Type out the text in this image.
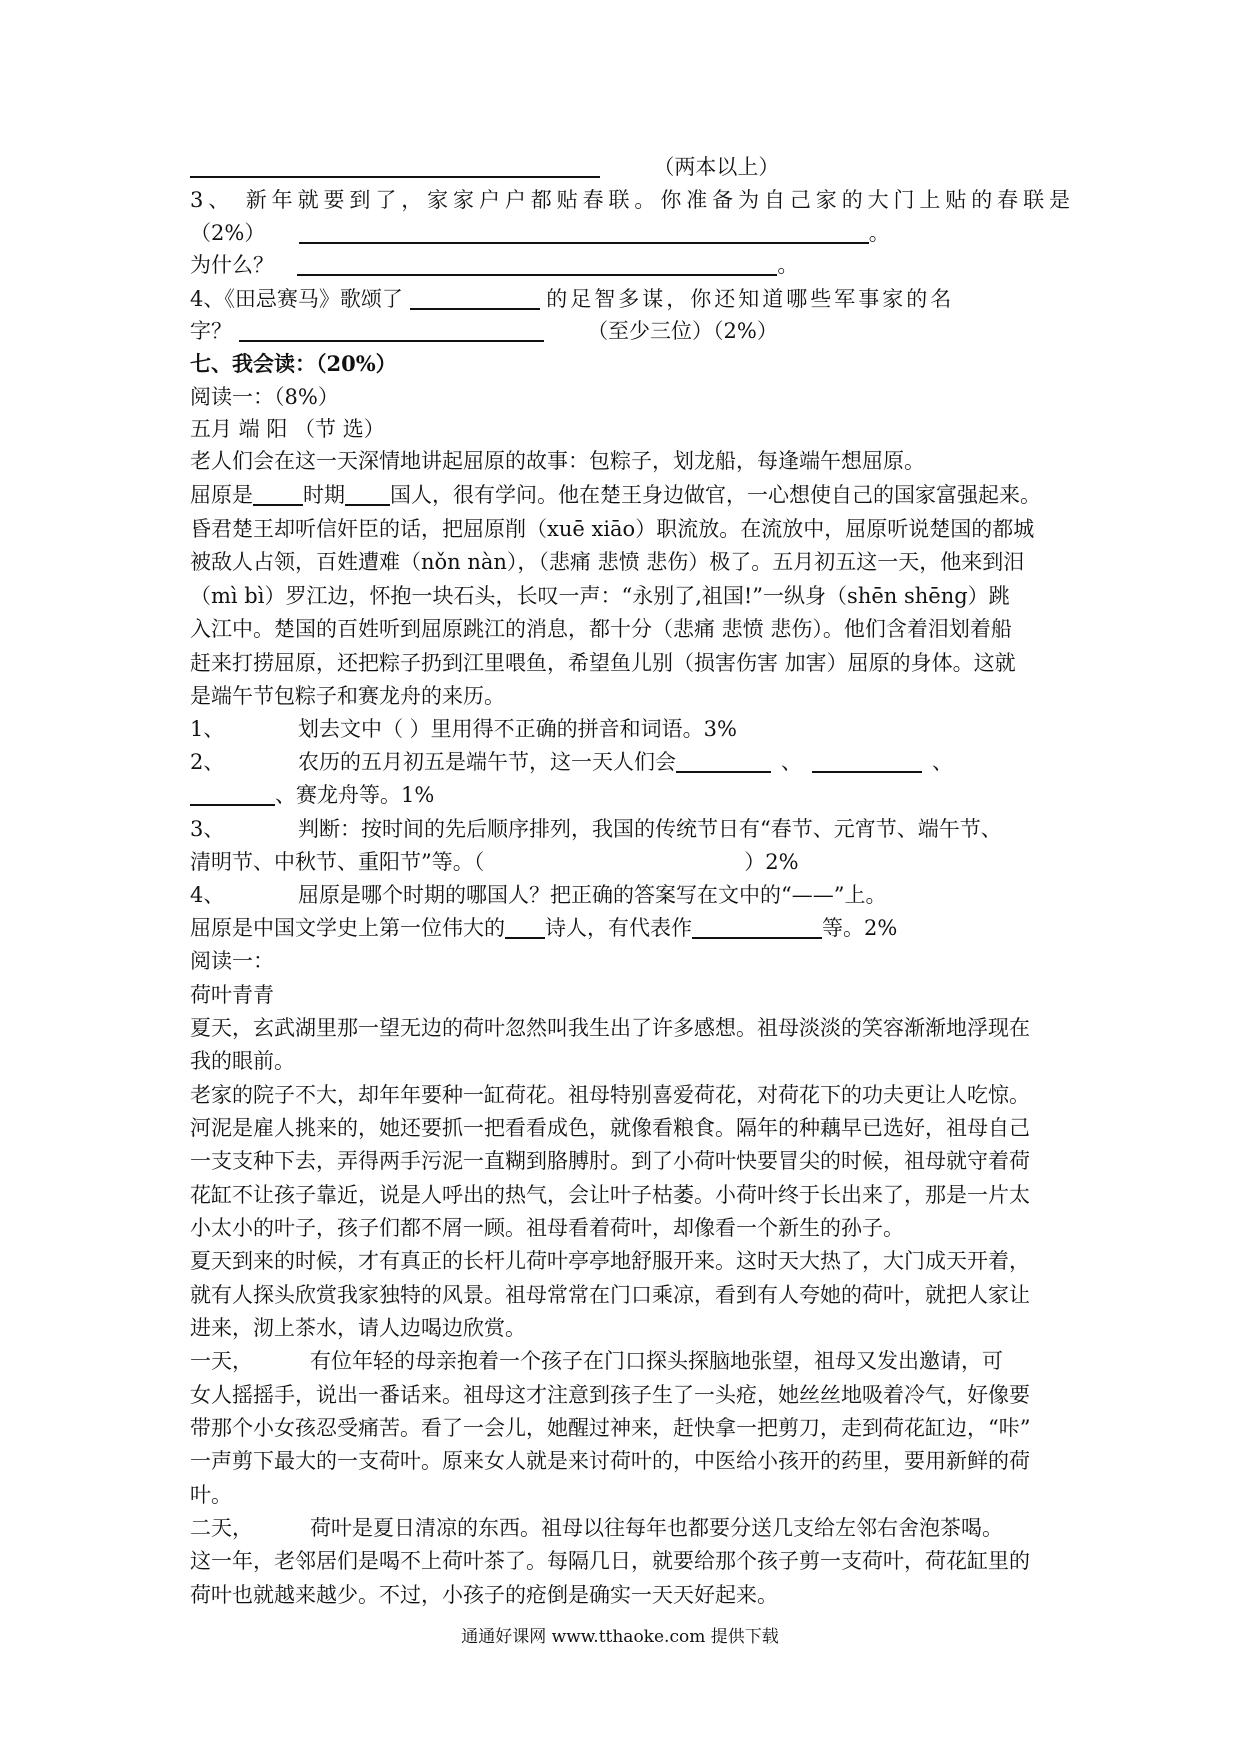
（两本以上）
3、 新年就要到了，家家户户都贴春联。你准备为自己家的大门上贴的春联是
（2%）	。
为什么？	。
4、《田忌赛马》歌颂了	的足智多谋，你还知道哪些军事家的名
字？	（至少三位）（2%）
七、我会读：（20%）
阅读一：（8%）
五月 端 阳 （节 选）
老人们会在这一天深情地讲起屈原的故事：包粽子，划龙船，每逢端午想屈原。
屈原是 时期 国人，很有学问。他在楚王身边做官，一心想使自己的国家富强起来。
昏君楚王却听信奸臣的话，把屈原削（xuē xiāo）职流放。在流放中，屈原听说楚国的都城
被敌人占领，百姓遭难（nǒn nàn），（悲痛 悲愤 悲伤）极了。五月初五这一天，他来到汨
（mì bì）罗江边，怀抱一块石头，长叹一声：“永别了,祖国!”一纵身（shēn shēng）跳
入江中。楚国的百姓听到屈原跳江的消息，都十分（悲痛 悲愤 悲伤）。他们含着泪划着船
赶来打捞屈原，还把粽子扔到江里喂鱼，希望鱼儿别（损害伤害 加害）屈原的身体。这就
是端午节包粽子和赛龙舟的来历。
1、	划去文中（ ）里用得不正确的拼音和词语。3%
2、	农历的五月初五是端午节，这一天人们会	、	、
、赛龙舟等。1%
3、	判断：按时间的先后顺序排列，我国的传统节日有“春节、元宵节、端午节、
清明节、中秋节、重阳节”等。（	）2%
4、	屈原是哪个时期的哪国人？把正确的答案写在文中的“——”上。
屈原是中国文学史上第一位伟大的 诗人，有代表作	等。2%
阅读一：
荷叶青青
夏天，玄武湖里那一望无边的荷叶忽然叫我生出了许多感想。祖母淡淡的笑容渐渐地浮现在
我的眼前。
老家的院子不大，却年年要种一缸荷花。祖母特别喜爱荷花，对荷花下的功夫更让人吃惊。
河泥是雇人挑来的，她还要抓一把看看成色，就像看粮食。隔年的种藕早已选好，祖母自己
一支支种下去，弄得两手污泥一直糊到胳膊肘。到了小荷叶快要冒尖的时候，祖母就守着荷
花缸不让孩子靠近，说是人呼出的热气，会让叶子枯萎。小荷叶终于长出来了，那是一片太
小太小的叶子，孩子们都不屑一顾。祖母看着荷叶，却像看一个新生的孙子。
夏天到来的时候，才有真正的长杆儿荷叶亭亭地舒服开来。这时天大热了，大门成天开着，
就有人探头欣赏我家独特的风景。祖母常常在门口乘凉，看到有人夸她的荷叶，就把人家让
进来，沏上茶水，请人边喝边欣赏。
一天，	有位年轻的母亲抱着一个孩子在门口探头探脑地张望，祖母又发出邀请，可
女人摇摇手，说出一番话来。祖母这才注意到孩子生了一头疮，她丝丝地吸着冷气，好像要
带那个小女孩忍受痛苦。看了一会儿，她醒过神来，赶快拿一把剪刀，走到荷花缸边，“咔”
一声剪下最大的一支荷叶。原来女人就是来讨荷叶的，中医给小孩开的药里，要用新鲜的荷
叶。
二天，	荷叶是夏日清凉的东西。祖母以往每年也都要分送几支给左邻右舍泡茶喝。
这一年，老邻居们是喝不上荷叶茶了。每隔几日，就要给那个孩子剪一支荷叶，荷花缸里的
荷叶也就越来越少。不过，小孩子的疮倒是确实一天天好起来。
通通好课网 www.tthaoke.com 提供下载
